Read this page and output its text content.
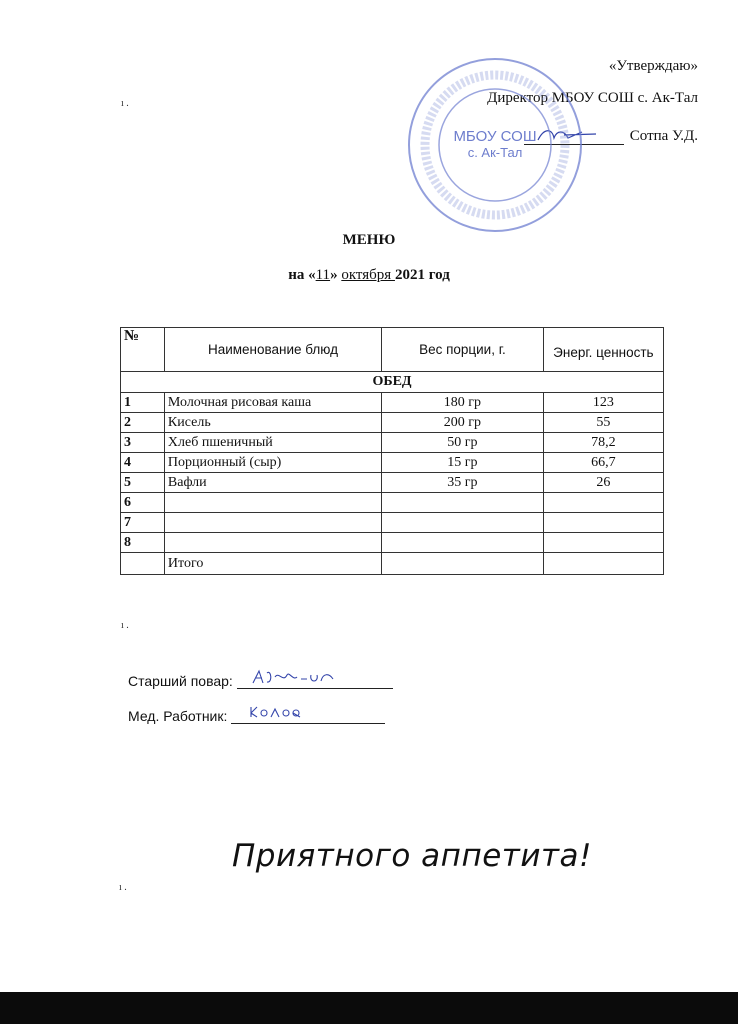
ı .
ı .
ı .
«Утверждаю»
Директор МБОУ СОШ с. Ак-Тал
Сотпа У.Д.
МБОУ СОШ
с. Ак-Тал
МЕНЮ
на «11» октября 2021 год
№	Наименование блюд	Вес порции, г.	Энерг. ценность
ОБЕД			
1	Молочная рисовая каша	180 гр	123
2	Кисель	200 гр	55
3	Хлеб пшеничный	50 гр	78,2
4	Порционный (сыр)	15 гр	66,7
5	Вафли	35 гр	26
6			
7			
8			
	Итого		
Старший повар:
Мед. Работник:
Приятного аппетита!
